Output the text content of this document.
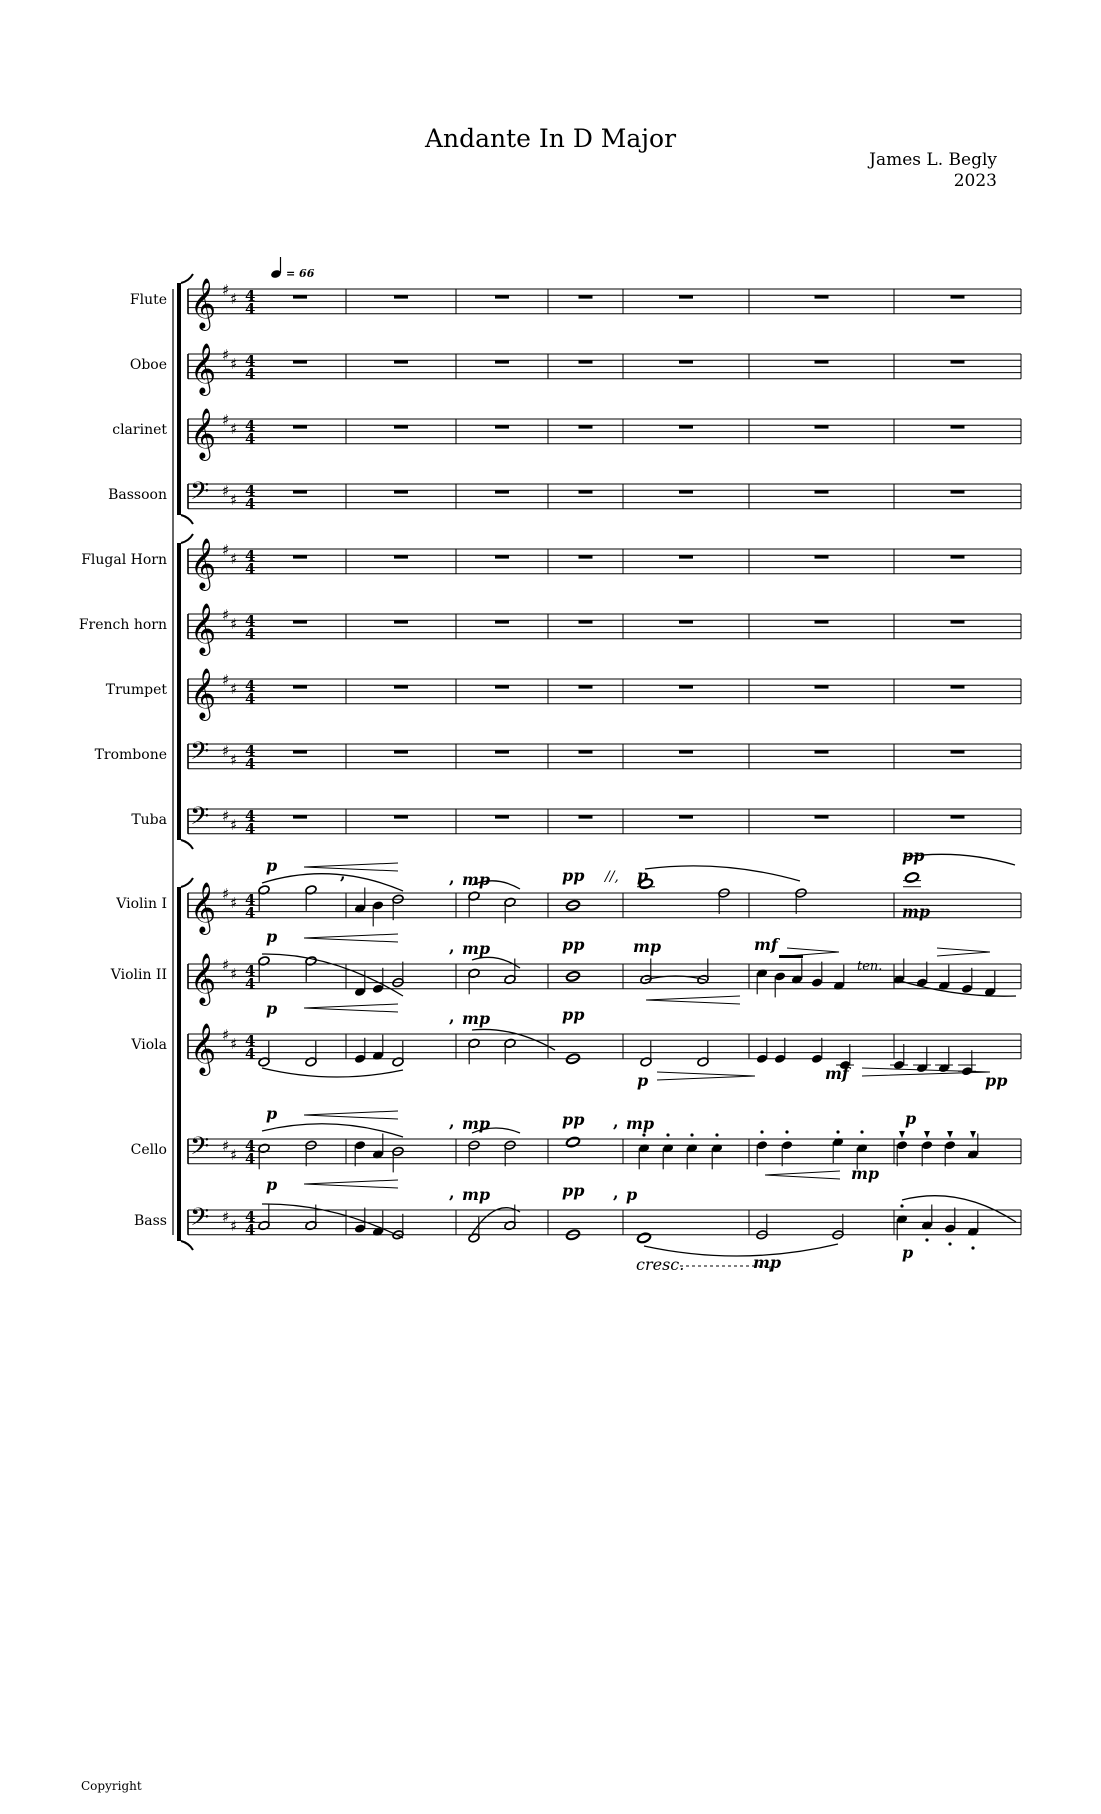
Andante In D Major
James L. Begly
2023
= 66
Flute 𝄞 ♯ ♯ 4
4
Oboe 𝄞 ♯ ♯ 4
4
clarinet 𝄞 ♯ ♯ 4
4
Bassoon 𝄢 ♯ ♯ 4
4
Flugal Horn 𝄞 ♯ ♯ 4
4
French horn 𝄞 ♯ ♯ 4
4
Trumpet 𝄞 ♯ ♯ 4
4
Trombone 𝄢 ♯ ♯ 4
4
Tuba 𝄢 ♯ ♯ 4
4
Violin I 𝄞 ♯ ♯ 4
4
Violin II 𝄞 ♯ ♯ 4
4
Viola 𝄞 ♯ ♯ 4
4
Cello 𝄢 ♯ ♯ 4
4
Bass 𝄢 ♯ ♯ 4
4
p	,	, mp	pp //, p
pp
mp
p
, mp	pp	mp	mf
ten.
p	, mp	pp
p	mf	pp
p	, mp	pp , mp
mp
p
p	, mp	pp , p
cresc.	mp
p
Copyright
